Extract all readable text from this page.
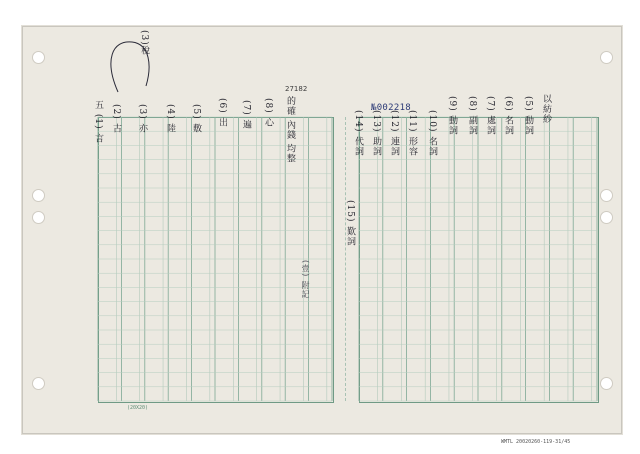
№002218
27182
(20X20)
WMTL 20020260-119-31/45
(3)稅
五 (1) 言 (2) 古 (3) 亦 (4) 陸 (5) 敷 (6) 出 (7) 遍 (8) 心 的確 內錢 均整
(壹) 附記
以紡紗
(5) 動詞
(6) 名詞
(7) 處詞
(8) 副詞
(9) 動詞
(10) 名詞
(11) 形容
(12) 連詞
(13) 助詞
(14) 代詞
(15) 歎詞
